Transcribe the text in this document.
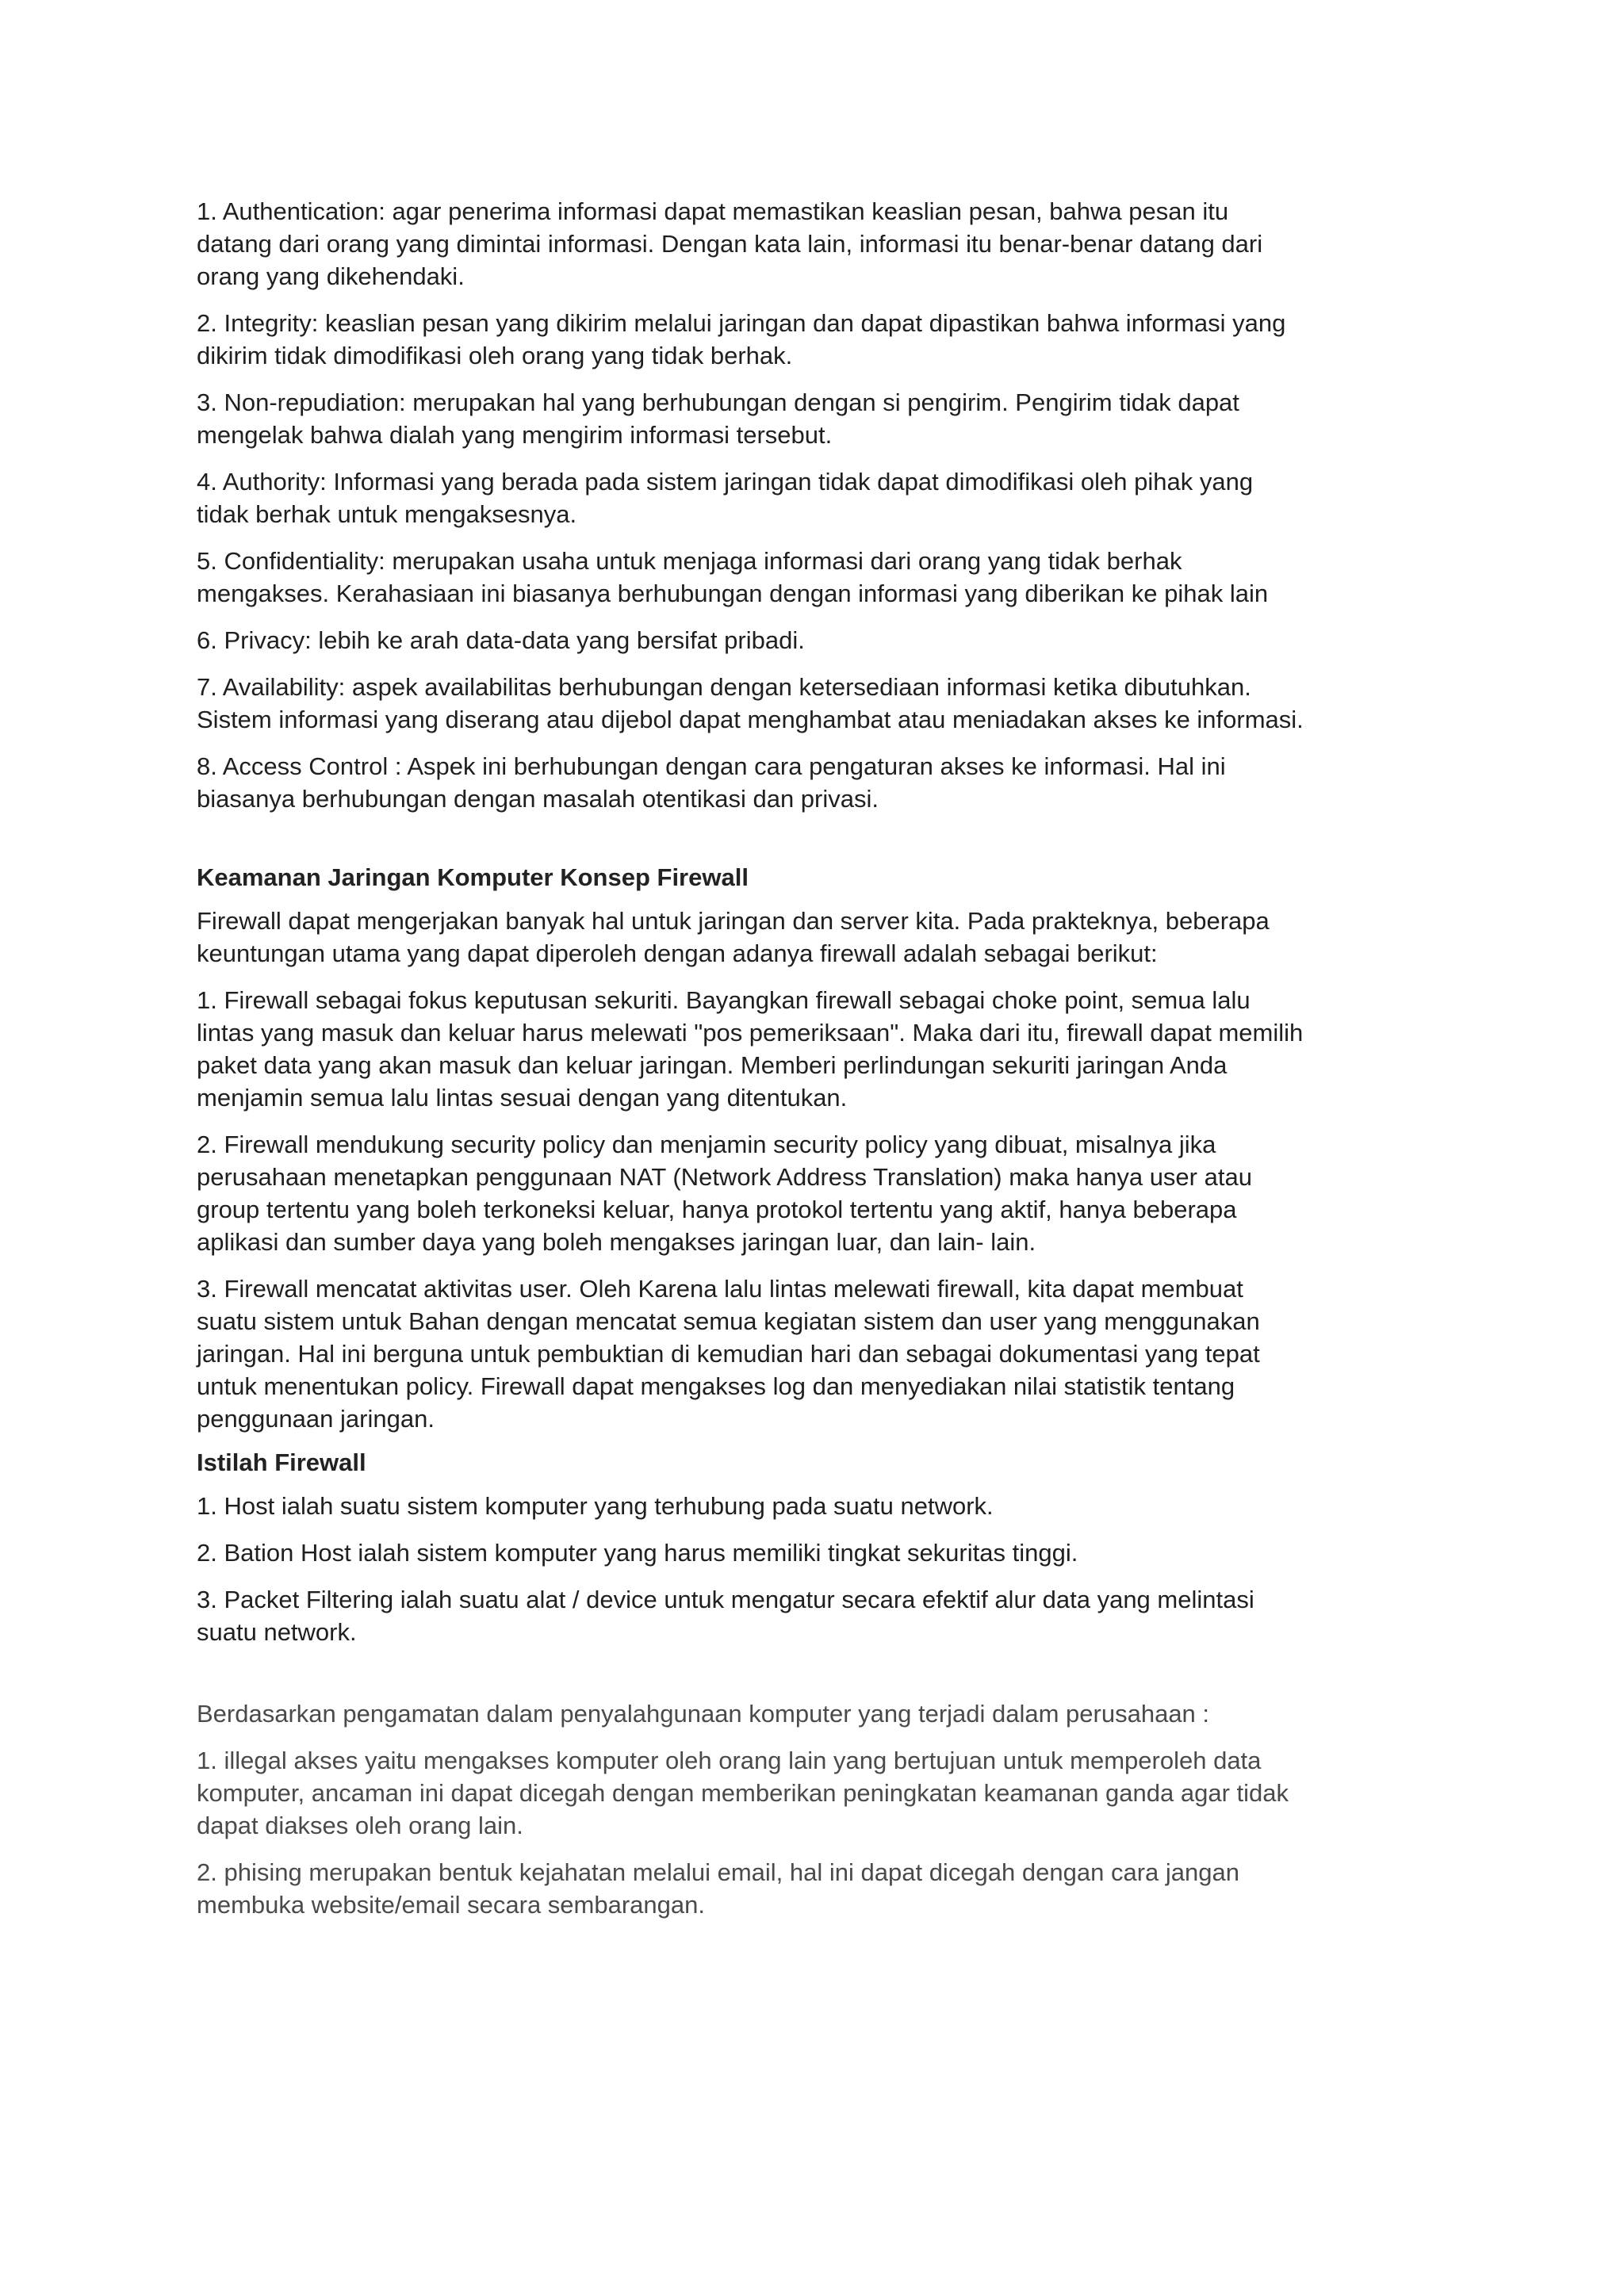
1. Authentication: agar penerima informasi dapat memastikan keaslian pesan, bahwa pesan itu
datang dari orang yang dimintai informasi. Dengan kata lain, informasi itu benar-benar datang dari
orang yang dikehendaki.

2. Integrity: keaslian pesan yang dikirim melalui jaringan dan dapat dipastikan bahwa informasi yang
dikirim tidak dimodifikasi oleh orang yang tidak berhak.

3. Non-repudiation: merupakan hal yang berhubungan dengan si pengirim. Pengirim tidak dapat
mengelak bahwa dialah yang mengirim informasi tersebut.

4. Authority: Informasi yang berada pada sistem jaringan tidak dapat dimodifikasi oleh pihak yang
tidak berhak untuk mengaksesnya.

5. Confidentiality: merupakan usaha untuk menjaga informasi dari orang yang tidak berhak
mengakses. Kerahasiaan ini biasanya berhubungan dengan informasi yang diberikan ke pihak lain

6. Privacy: lebih ke arah data-data yang bersifat pribadi.

7. Availability: aspek availabilitas berhubungan dengan ketersediaan informasi ketika dibutuhkan.
Sistem informasi yang diserang atau dijebol dapat menghambat atau meniadakan akses ke informasi.

8. Access Control : Aspek ini berhubungan dengan cara pengaturan akses ke informasi. Hal ini
biasanya berhubungan dengan masalah otentikasi dan privasi.

Keamanan Jaringan Komputer Konsep Firewall

Firewall dapat mengerjakan banyak hal untuk jaringan dan server kita. Pada prakteknya, beberapa
keuntungan utama yang dapat diperoleh dengan adanya firewall adalah sebagai berikut:

1. Firewall sebagai fokus keputusan sekuriti. Bayangkan firewall sebagai choke point, semua lalu
lintas yang masuk dan keluar harus melewati "pos pemeriksaan". Maka dari itu, firewall dapat memilih
paket data yang akan masuk dan keluar jaringan. Memberi perlindungan sekuriti jaringan Anda
menjamin semua lalu lintas sesuai dengan yang ditentukan.

2. Firewall mendukung security policy dan menjamin security policy yang dibuat, misalnya jika
perusahaan menetapkan penggunaan NAT (Network Address Translation) maka hanya user atau
group tertentu yang boleh terkoneksi keluar, hanya protokol tertentu yang aktif, hanya beberapa
aplikasi dan sumber daya yang boleh mengakses jaringan luar, dan lain- lain.

3. Firewall mencatat aktivitas user. Oleh Karena lalu lintas melewati firewall, kita dapat membuat
suatu sistem untuk Bahan dengan mencatat semua kegiatan sistem dan user yang menggunakan
jaringan. Hal ini berguna untuk pembuktian di kemudian hari dan sebagai dokumentasi yang tepat
untuk menentukan policy. Firewall dapat mengakses log dan menyediakan nilai statistik tentang
penggunaan jaringan.

Istilah Firewall

1. Host ialah suatu sistem komputer yang terhubung pada suatu network.

2. Bation Host ialah sistem komputer yang harus memiliki tingkat sekuritas tinggi.

3. Packet Filtering ialah suatu alat / device untuk mengatur secara efektif alur data yang melintasi
suatu network.

Berdasarkan pengamatan dalam penyalahgunaan komputer yang terjadi dalam perusahaan :

1. illegal akses yaitu mengakses komputer oleh orang lain yang bertujuan untuk memperoleh data
komputer, ancaman ini dapat dicegah dengan memberikan peningkatan keamanan ganda agar tidak
dapat diakses oleh orang lain.

2. phising merupakan bentuk kejahatan melalui email, hal ini dapat dicegah dengan cara jangan
membuka website/email secara sembarangan.
